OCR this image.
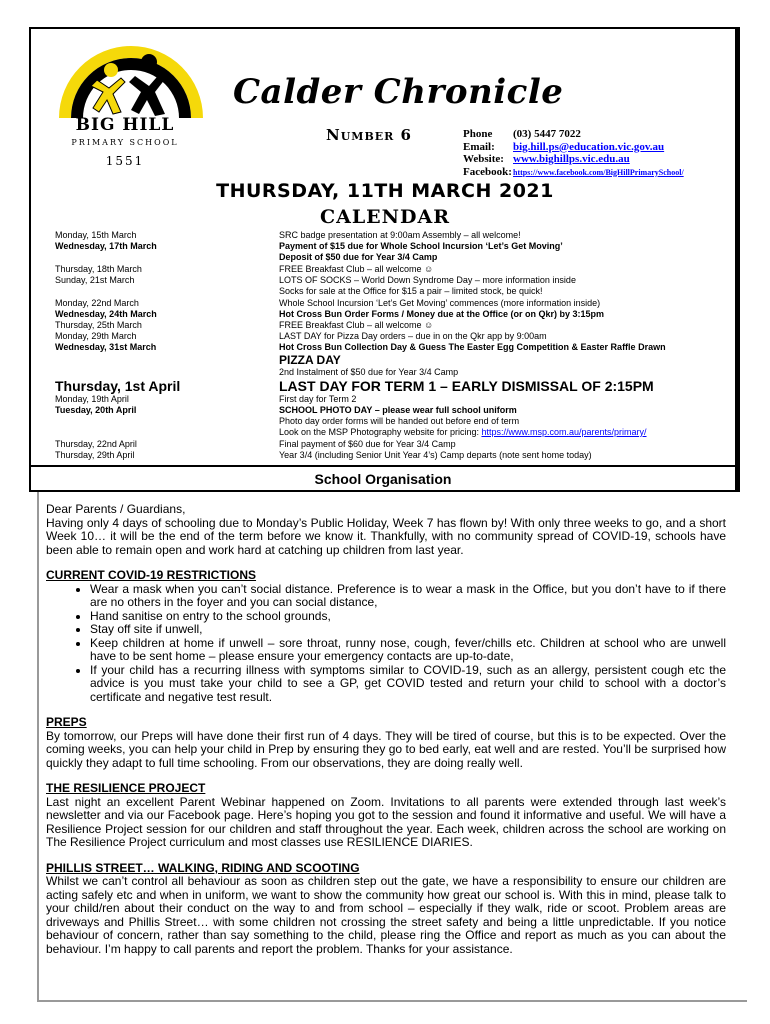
BIG HILL
PRIMARY SCHOOL
1551
Calder Chronicle
Number 6	Phone (03) 5447 7022
Email: big.hill.ps@education.vic.gov.au
Website: www.bighillps.vic.edu.au
Facebook:https://www.facebook.com/BigHillPrimarySchool/
THURSDAY, 11TH MARCH 2021
CALENDAR
Monday, 15th March
Wednesday, 17th March
Thursday, 18th March
Sunday, 21st March
Monday, 22nd March
Wednesday, 24th March
Thursday, 25th March
Monday, 29th March
Wednesday, 31st March
Thursday, 1st April
Monday, 19th April
Tuesday, 20th April
Thursday, 22nd April
Thursday, 29th April
SRC badge presentation at 9:00am Assembly – all welcome!
Payment of $15 due for Whole School Incursion ‘Let’s Get Moving’
Deposit of $50 due for Year 3/4 Camp
FREE Breakfast Club – all welcome ☺
LOTS OF SOCKS – World Down Syndrome Day – more information inside
Socks for sale at the Office for $15 a pair – limited stock, be quick!
Whole School Incursion ‘Let’s Get Moving’ commences (more information inside)
Hot Cross Bun Order Forms / Money due at the Office (or on Qkr) by 3:15pm
FREE Breakfast Club – all welcome ☺
LAST DAY for Pizza Day orders – due in on the Qkr app by 9:00am
Hot Cross Bun Collection Day & Guess The Easter Egg Competition & Easter Raffle Drawn
PIZZA DAY
2nd Instalment of $50 due for Year 3/4 Camp
LAST DAY FOR TERM 1 – EARLY DISMISSAL OF 2:15PM
First day for Term 2
SCHOOL PHOTO DAY – please wear full school uniform
Photo day order forms will be handed out before end of term
Look on the MSP Photography website for pricing: https://www.msp.com.au/parents/primary/
Final payment of $60 due for Year 3/4 Camp
Year 3/4 (including Senior Unit Year 4’s) Camp departs (note sent home today)
School Organisation

Dear Parents / Guardians,

Having only 4 days of schooling due to Monday’s Public Holiday, Week 7 has flown by! With only three weeks to go, and a short Week 10… it will be the end of the term before we know it. Thankfully, with no community spread of COVID-19, schools have been able to remain open and work hard at catching up children from last year.

CURRENT COVID-19 RESTRICTIONS
• Wear a mask when you can’t social distance. Preference is to wear a mask in the Office, but you don’t have to if there are no others in the foyer and you can social distance,
• Hand sanitise on entry to the school grounds,
• Stay off site if unwell,
• Keep children at home if unwell – sore throat, runny nose, cough, fever/chills etc. Children at school who are unwell have to be sent home – please ensure your emergency contacts are up-to-date,
• If your child has a recurring illness with symptoms similar to COVID-19, such as an allergy, persistent cough etc the advice is you must take your child to see a GP, get COVID tested and return your child to school with a doctor’s certificate and negative test result.
PREPS

By tomorrow, our Preps will have done their first run of 4 days. They will be tired of course, but this is to be expected. Over the coming weeks, you can help your child in Prep by ensuring they go to bed early, eat well and are rested. You’ll be surprised how quickly they adapt to full time schooling. From our observations, they are doing really well.

THE RESILIENCE PROJECT

Last night an excellent Parent Webinar happened on Zoom. Invitations to all parents were extended through last week’s newsletter and via our Facebook page. Here’s hoping you got to the session and found it informative and useful. We will have a Resilience Project session for our children and staff throughout the year. Each week, children across the school are working on The Resilience Project curriculum and most classes use RESILIENCE DIARIES.

PHILLIS STREET… WALKING, RIDING AND SCOOTING

Whilst we can’t control all behaviour as soon as children step out the gate, we have a responsibility to ensure our children are acting safely etc and when in uniform, we want to show the community how great our school is. With this in mind, please talk to your child/ren about their conduct on the way to and from school – especially if they walk, ride or scoot. Problem areas are driveways and Phillis Street… with some children not crossing the street safety and being a little unpredictable. If you notice behaviour of concern, rather than say something to the child, please ring the Office and report as much as you can about the behaviour. I’m happy to call parents and report the problem. Thanks for your assistance.
